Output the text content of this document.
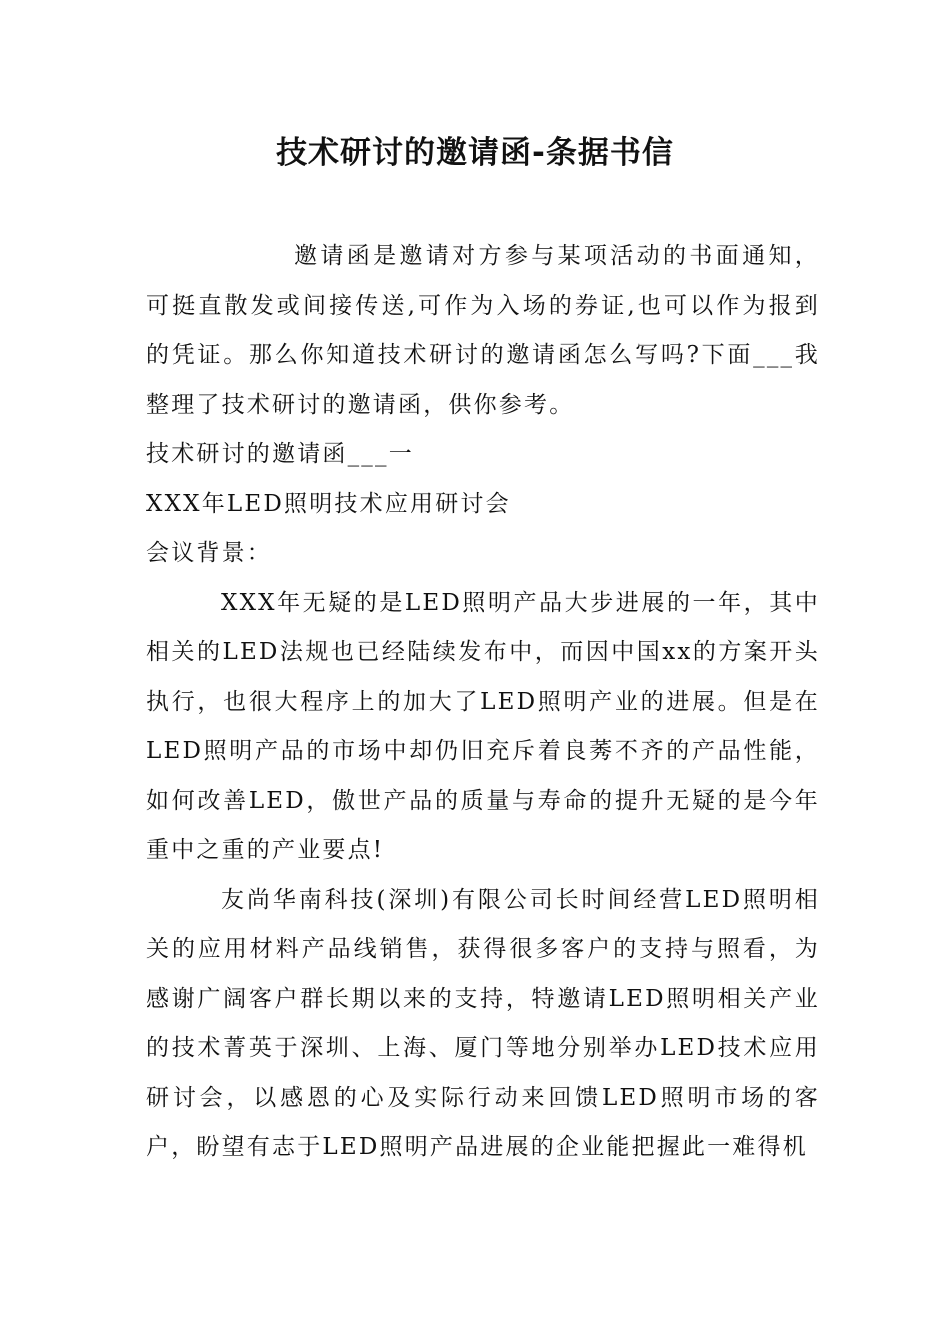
技术研讨的邀请函-条据书信

邀请函是邀请对方参与某项活动的书面通知，可挺直散发或间接传送,可作为入场的券证,也可以作为报到的凭证。那么你知道技术研讨的邀请函怎么写吗?下面___我整理了技术研讨的邀请函，供你参考。

技术研讨的邀请函___一

XXX年LED照明技术应用研讨会

会议背景：

XXX年无疑的是LED照明产品大步进展的一年，其中相关的LED法规也已经陆续发布中，而因中国xx的方案开头执行，也很大程序上的加大了LED照明产业的进展。但是在LED照明产品的市场中却仍旧充斥着良莠不齐的产品性能，如何改善LED，傲世产品的质量与寿命的提升无疑的是今年重中之重的产业要点!

友尚华南科技(深圳)有限公司长时间经营LED照明相关的应用材料产品线销售，获得很多客户的支持与照看，为感谢广阔客户群长期以来的支持，特邀请LED照明相关产业的技术菁英于深圳、上海、厦门等地分别举办LED技术应用研讨会，以感恩的心及实际行动来回馈LED照明市场的客户，盼望有志于LED照明产品进展的企业能把握此一难得机
